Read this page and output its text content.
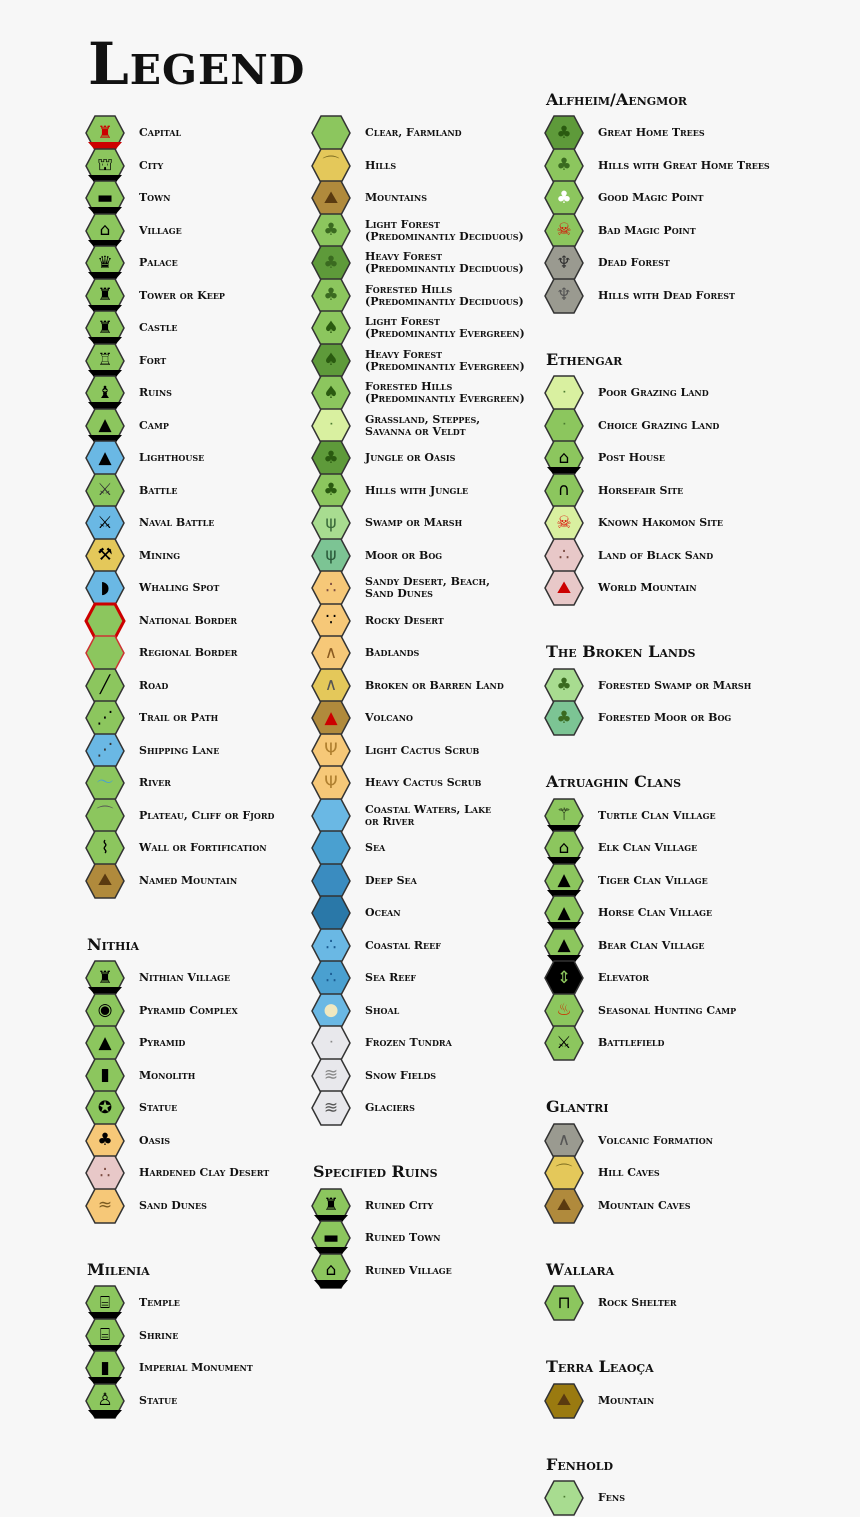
Legend
♜	Capital
⛫	City
▬	Town
⌂	Village
♛	Palace
♜	Tower or Keep
♜	Castle
♖	Fort
♝	Ruins
▲	Camp
▲	Lighthouse
⚔	Battle
⚔	Naval Battle
⚒	Mining
◗	Whaling Spot
National Border
Regional Border
╱	Road
⋰	Trail or Path
⋰	Shipping Lane
～	River
⌒	Plateau, Cliff or Fjord
⌇	Wall or Fortification
⛰	Named Mountain
Nithia
♜	Nithian Village
◉	Pyramid Complex
▲	Pyramid
▮	Monolith
✪	Statue
♣	Oasis
∴	Hardened Clay Desert
≈	Sand Dunes
Milenia
⌸	Temple
⌸	Shrine
▮	Imperial Monument
♙	Statue
Clear, Farmland
⌒	Hills
⛰	Mountains
♣	Light Forest
(Predominantly Deciduous)
♣	Heavy Forest
(Predominantly Deciduous)
♣	Forested Hills
(Predominantly Deciduous)
♠	Light Forest
(Predominantly Evergreen)
♠	Heavy Forest
(Predominantly Evergreen)
♠	Forested Hills
(Predominantly Evergreen)
ᐧ	Grassland, Steppes,
Savanna or Veldt
♣	Jungle or Oasis
♣	Hills with Jungle
ψ	Swamp or Marsh
ψ	Moor or Bog
∴	Sandy Desert, Beach,
Sand Dunes
∵	Rocky Desert
∧	Badlands
∧	Broken or Barren Land
▲	Volcano
Ψ	Light Cactus Scrub
Ψ	Heavy Cactus Scrub
Coastal Waters, Lake
or River
Sea
Deep Sea
Ocean
∴	Coastal Reef
∴	Sea Reef
●	Shoal
ᐧ	Frozen Tundra
≋	Snow Fields
≋	Glaciers
Specified Ruins
♜	Ruined City
▬	Ruined Town
⌂	Ruined Village
Alfheim/Aengmor
♣	Great Home Trees
♣	Hills with Great Home Trees
♣	Good Magic Point
☠	Bad Magic Point
♆	Dead Forest
♆	Hills with Dead Forest
Ethengar
ᐧ	Poor Grazing Land
ᐧ	Choice Grazing Land
⌂	Post House
∩	Horsefair Site
☠	Known Hakomon Site
∴	Land of Black Sand
⛰	World Mountain
The Broken Lands
♣	Forested Swamp or Marsh
♣	Forested Moor or Bog
Atruaghin Clans
⚚	Turtle Clan Village
⌂	Elk Clan Village
▲	Tiger Clan Village
▲	Horse Clan Village
▲	Bear Clan Village
⇕	Elevator
♨	Seasonal Hunting Camp
⚔	Battlefield
Glantri
∧	Volcanic Formation
⌒	Hill Caves
⛰	Mountain Caves
Wallara
⊓	Rock Shelter
Terra Leaoça
⛰	Mountain
Fenhold
ᐧ	Fens
